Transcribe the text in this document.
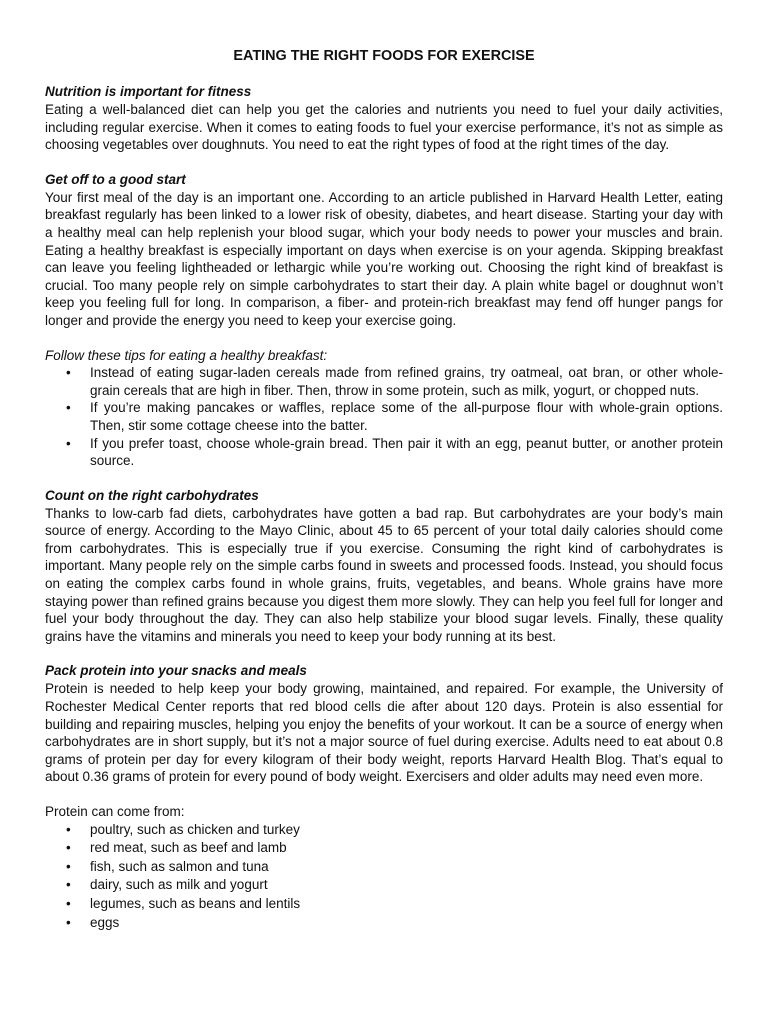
EATING THE RIGHT FOODS FOR EXERCISE
Nutrition is important for fitness

Eating a well-balanced diet can help you get the calories and nutrients you need to fuel your daily activities, including regular exercise. When it comes to eating foods to fuel your exercise performance, it’s not as simple as choosing vegetables over doughnuts. You need to eat the right types of food at the right times of the day.

Get off to a good start

Your first meal of the day is an important one. According to an article published in Harvard Health Letter, eating breakfast regularly has been linked to a lower risk of obesity, diabetes, and heart disease. Starting your day with a healthy meal can help replenish your blood sugar, which your body needs to power your muscles and brain. Eating a healthy breakfast is especially important on days when exercise is on your agenda. Skipping breakfast can leave you feeling lightheaded or lethargic while you’re working out. Choosing the right kind of breakfast is crucial. Too many people rely on simple carbohydrates to start their day. A plain white bagel or doughnut won’t keep you feeling full for long. In comparison, a fiber- and protein-rich breakfast may fend off hunger pangs for longer and provide the energy you need to keep your exercise going.

Follow these tips for eating a healthy breakfast:

• Instead of eating sugar-laden cereals made from refined grains, try oatmeal, oat bran, or other whole-grain cereals that are high in fiber. Then, throw in some protein, such as milk, yogurt, or chopped nuts.
• If you’re making pancakes or waffles, replace some of the all-purpose flour with whole-grain options. Then, stir some cottage cheese into the batter.
• If you prefer toast, choose whole-grain bread. Then pair it with an egg, peanut butter, or another protein source.
Count on the right carbohydrates

Thanks to low-carb fad diets, carbohydrates have gotten a bad rap. But carbohydrates are your body’s main source of energy. According to the Mayo Clinic, about 45 to 65 percent of your total daily calories should come from carbohydrates. This is especially true if you exercise. Consuming the right kind of carbohydrates is important. Many people rely on the simple carbs found in sweets and processed foods. Instead, you should focus on eating the complex carbs found in whole grains, fruits, vegetables, and beans. Whole grains have more staying power than refined grains because you digest them more slowly. They can help you feel full for longer and fuel your body throughout the day. They can also help stabilize your blood sugar levels. Finally, these quality grains have the vitamins and minerals you need to keep your body running at its best.

Pack protein into your snacks and meals

Protein is needed to help keep your body growing, maintained, and repaired. For example, the University of Rochester Medical Center reports that red blood cells die after about 120 days. Protein is also essential for building and repairing muscles, helping you enjoy the benefits of your workout. It can be a source of energy when carbohydrates are in short supply, but it’s not a major source of fuel during exercise. Adults need to eat about 0.8 grams of protein per day for every kilogram of their body weight, reports Harvard Health Blog. That’s equal to about 0.36 grams of protein for every pound of body weight. Exercisers and older adults may need even more.

Protein can come from:

• poultry, such as chicken and turkey
• red meat, such as beef and lamb
• fish, such as salmon and tuna
• dairy, such as milk and yogurt
• legumes, such as beans and lentils
• eggs
